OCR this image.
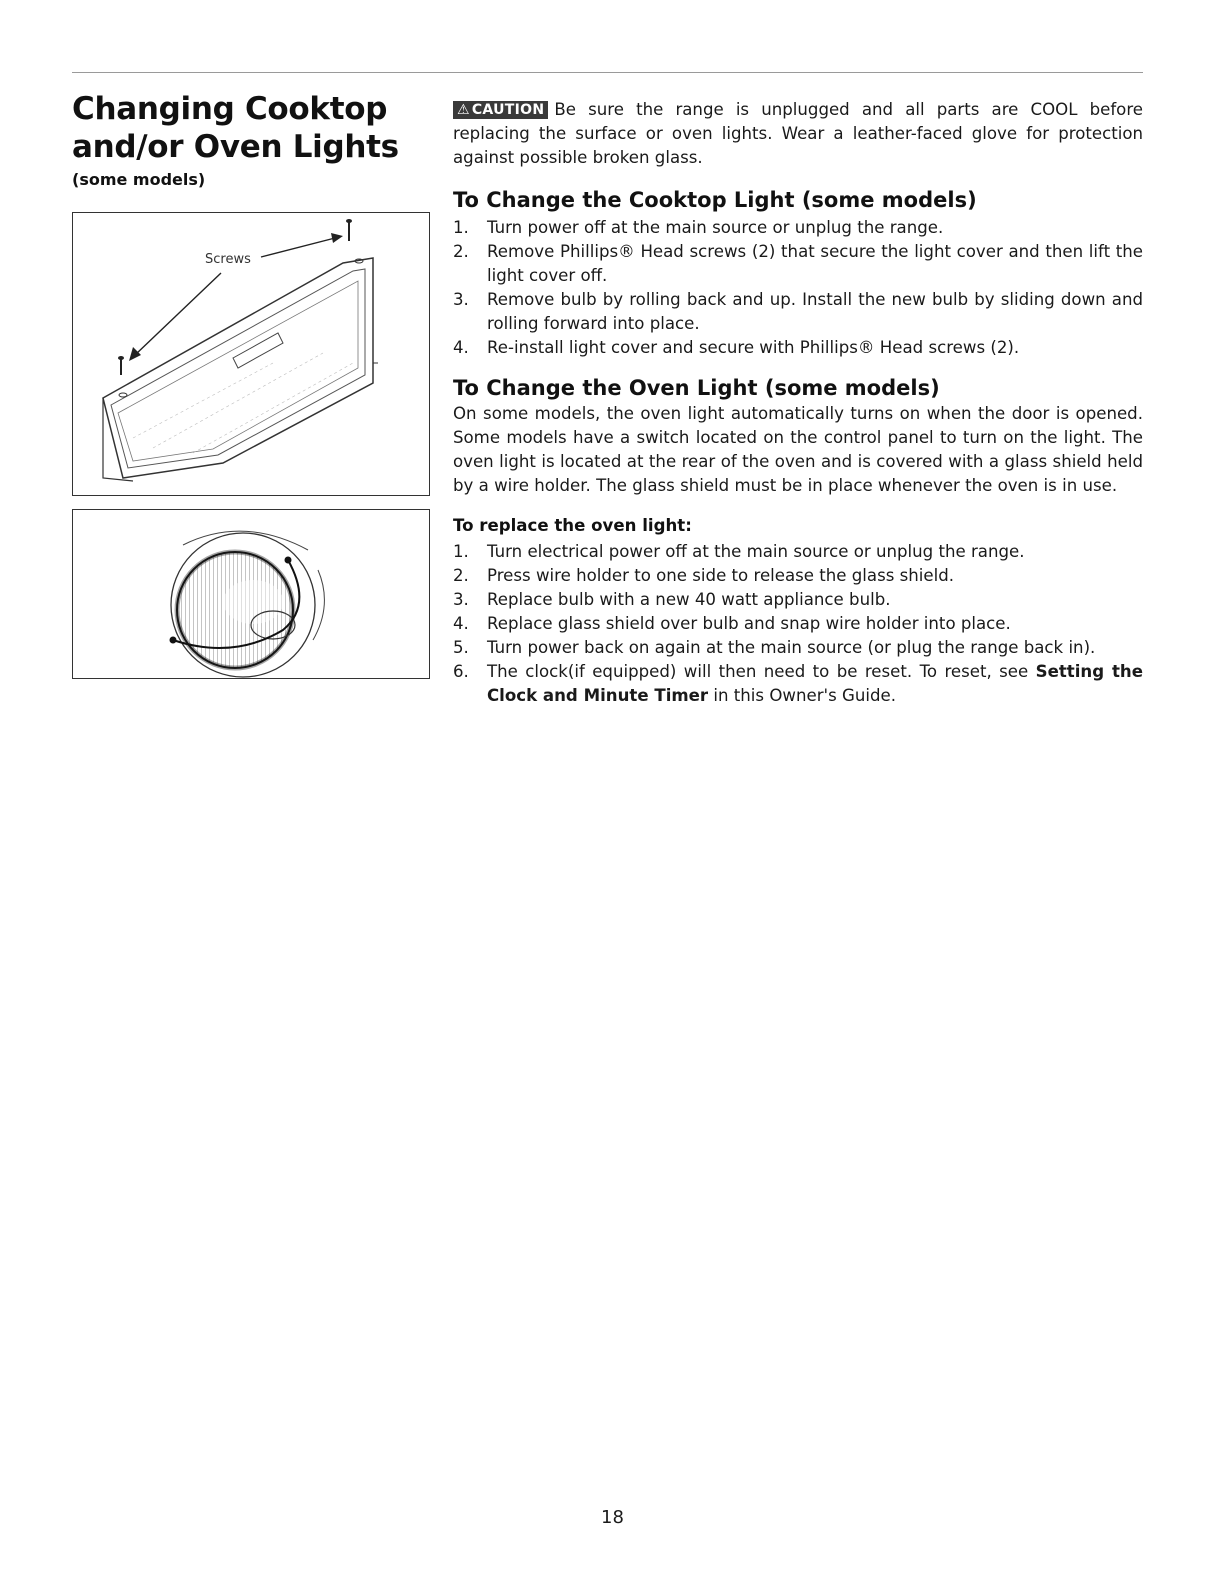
Changing Cooktop
and/or Oven Lights

(some models)

Screws

⚠ CAUTION Be sure the range is unplugged and all parts are COOL before replacing the surface or oven lights. Wear a leather-faced glove for protection against possible broken glass.

To Change the Cooktop Light (some models)
1.	Turn power off at the main source or unplug the range.
2.	Remove Phillips® Head screws (2) that secure the light cover and then lift the light cover off.
3.	Remove bulb by rolling back and up. Install the new bulb by sliding down and rolling forward into place.
4.	Re-install light cover and secure with Phillips® Head screws (2).
To Change the Oven Light (some models)

On some models, the oven light automatically turns on when the door is opened. Some models have a switch located on the control panel to turn on the light. The oven light is located at the rear of the oven and is covered with a glass shield held by a wire holder. The glass shield must be in place whenever the oven is in use.

To replace the oven light:

1.	Turn electrical power off at the main source or unplug the range.
2.	Press wire holder to one side to release the glass shield.
3.	Replace bulb with a new 40 watt appliance bulb.
4.	Replace glass shield over bulb and snap wire holder into place.
5.	Turn power back on again at the main source (or plug the range back in).
6.	The clock(if equipped) will then need to be reset. To reset, see Setting the Clock and Minute Timer in this Owner's Guide.
18
